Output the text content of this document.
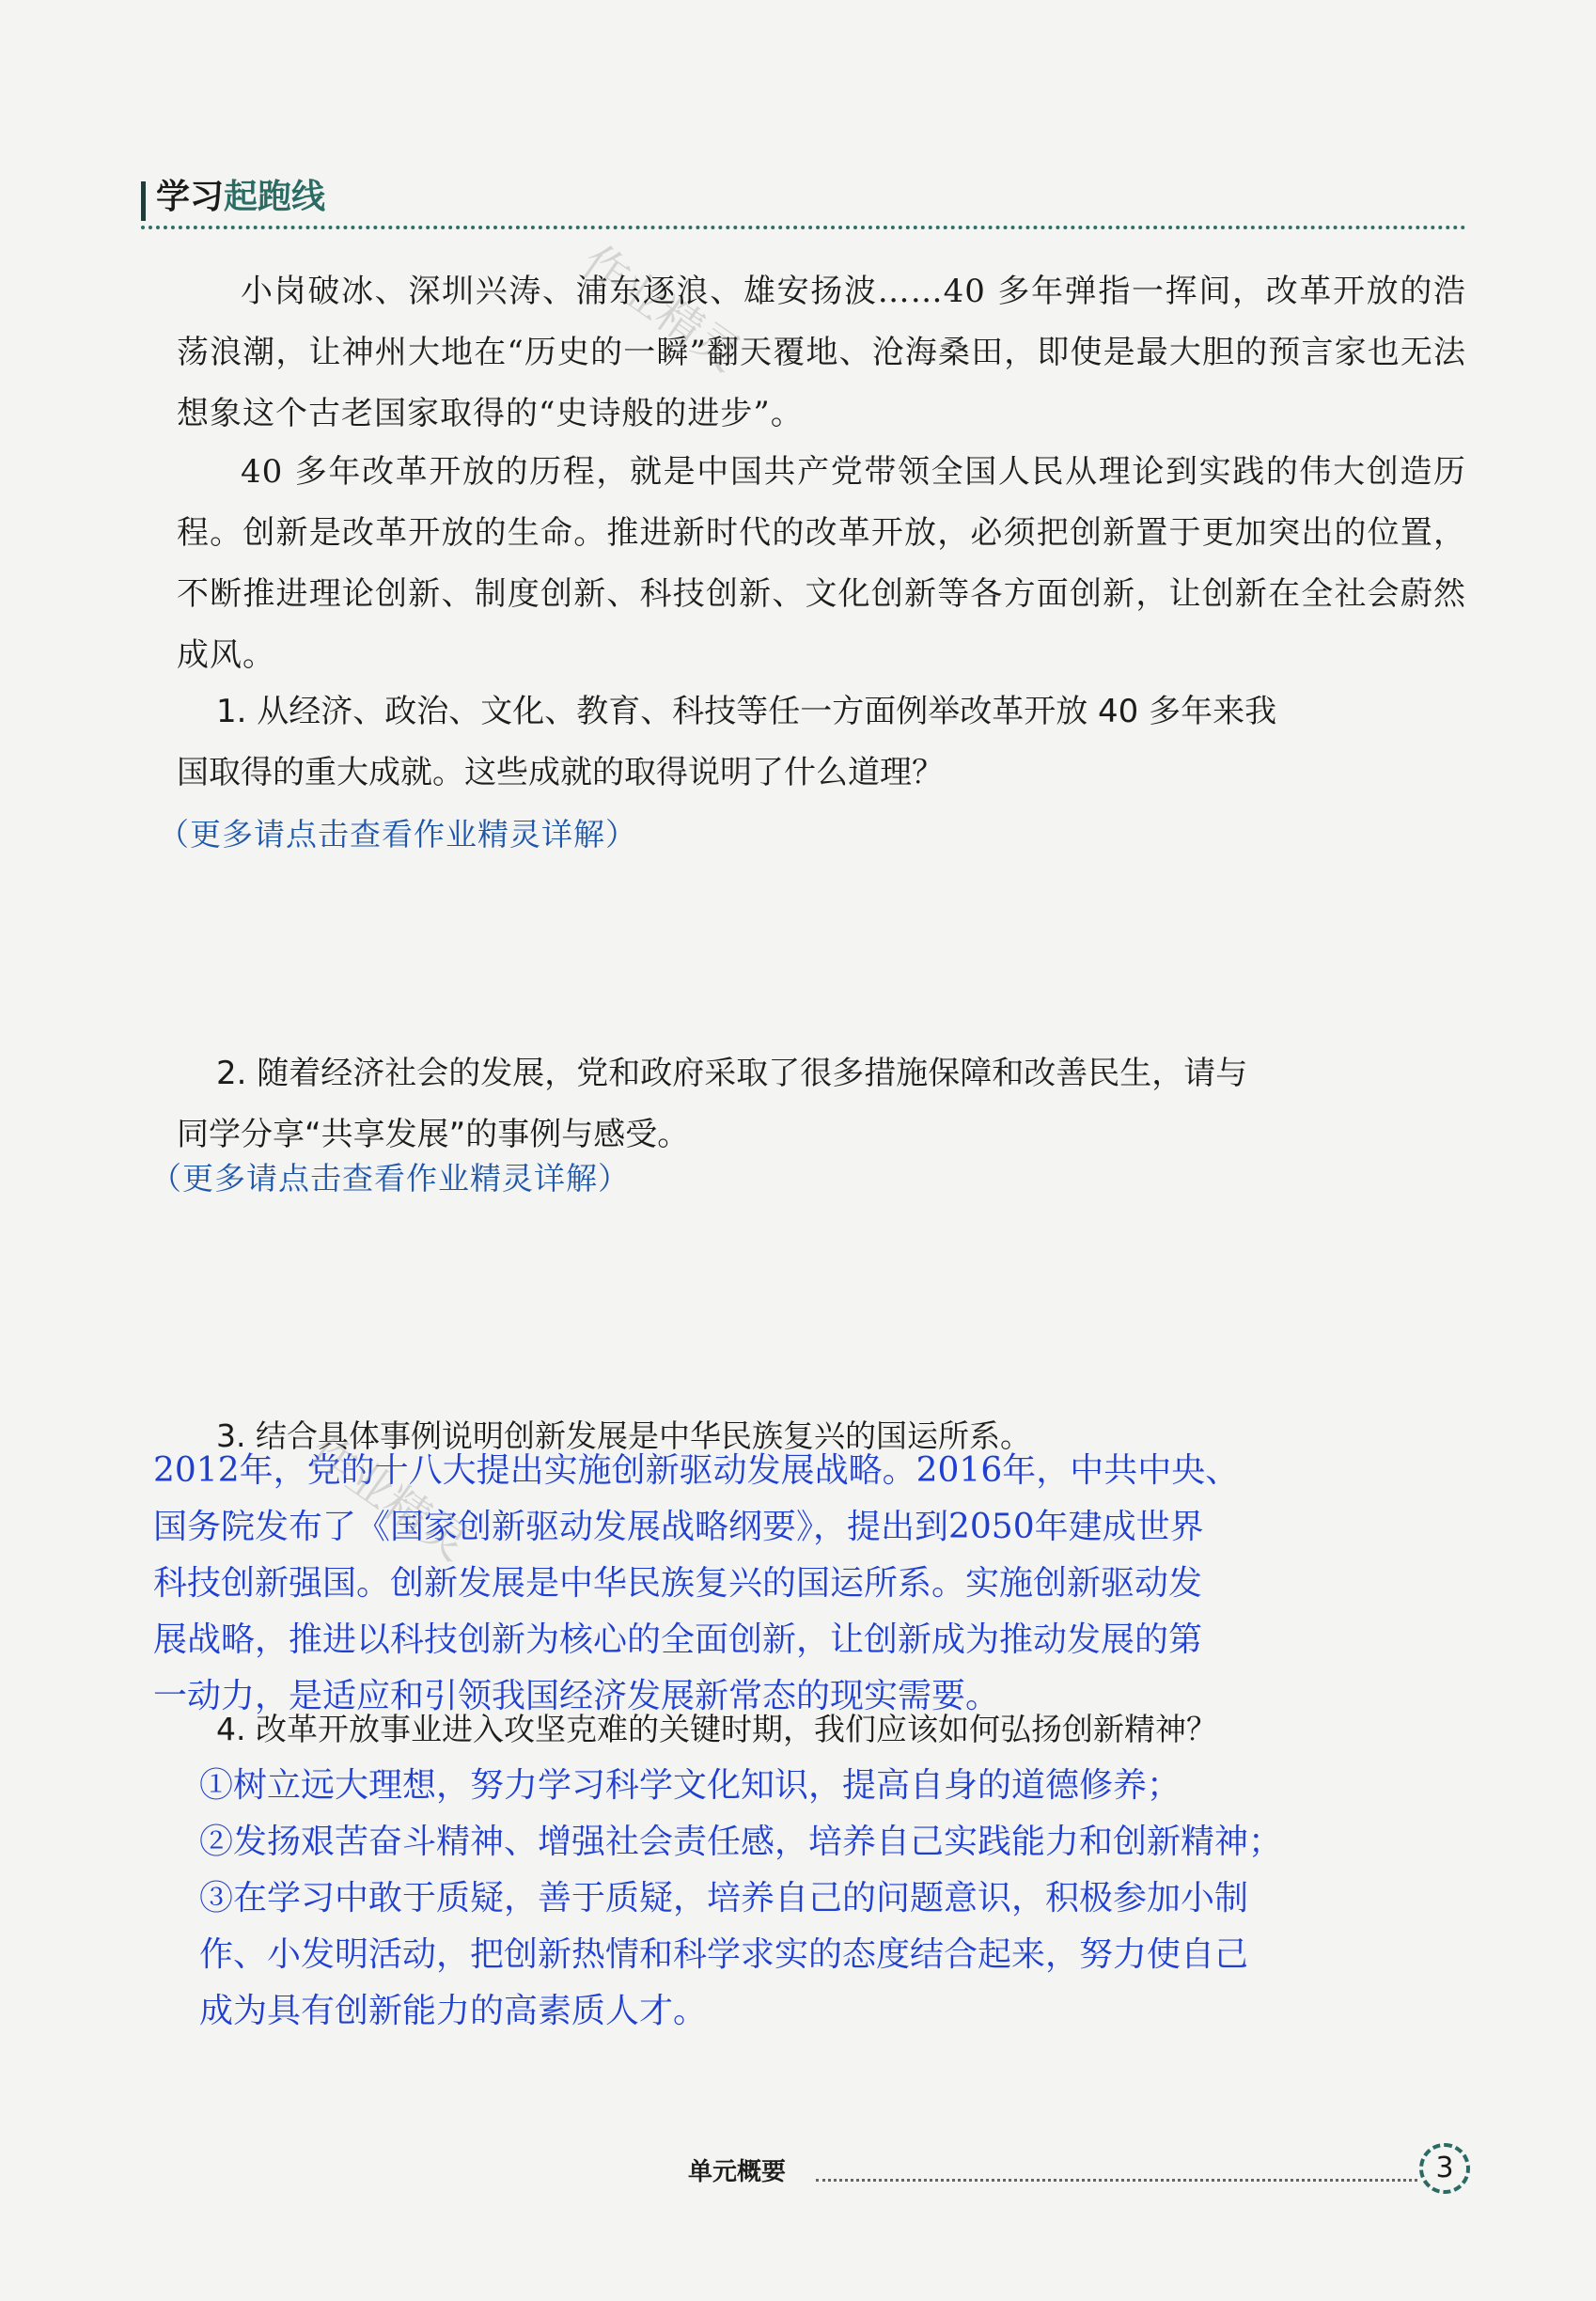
学习起跑线
作业精灵
小岗破冰、深圳兴涛、浦东逐浪、雄安扬波……40 多年弹指一挥间，改革开放的浩荡浪潮，让神州大地在“历史的一瞬”翻天覆地、沧海桑田，即使是最大胆的预言家也无法想象这个古老国家取得的“史诗般的进步”。
40 多年改革开放的历程，就是中国共产党带领全国人民从理论到实践的伟大创造历程。创新是改革开放的生命。推进新时代的改革开放，必须把创新置于更加突出的位置，不断推进理论创新、制度创新、科技创新、文化创新等各方面创新，让创新在全社会蔚然成风。
1. 从经济、政治、文化、教育、科技等任一方面例举改革开放 40 多年来我
国取得的重大成就。这些成就的取得说明了什么道理？
（更多请点击查看作业精灵详解）
2. 随着经济社会的发展，党和政府采取了很多措施保障和改善民生，请与
同学分享“共享发展”的事例与感受。
（更多请点击查看作业精灵详解）
3. 结合具体事例说明创新发展是中华民族复兴的国运所系。
2012年，党的十八大提出实施创新驱动发展战略。2016年，中共中央、
国务院发布了《国家创新驱动发展战略纲要》，提出到2050年建成世界
科技创新强国。创新发展是中华民族复兴的国运所系。实施创新驱动发
展战略，推进以科技创新为核心的全面创新，让创新成为推动发展的第
一动力，是适应和引领我国经济发展新常态的现实需要。
作业精灵
4. 改革开放事业进入攻坚克难的关键时期，我们应该如何弘扬创新精神？
①树立远大理想，努力学习科学文化知识，提高自身的道德修养；
②发扬艰苦奋斗精神、增强社会责任感，培养自己实践能力和创新精神；
③在学习中敢于质疑，善于质疑，培养自己的问题意识，积极参加小制
作、小发明活动，把创新热情和科学求实的态度结合起来，努力使自己
成为具有创新能力的高素质人才。
单元概要	3
